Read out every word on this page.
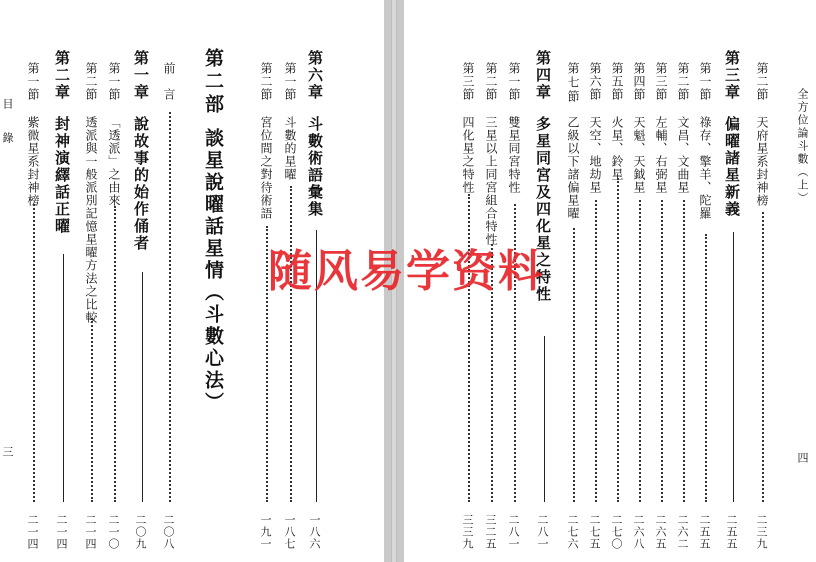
目
錄
三
第二部
談星說曜話星情（斗數心法）
第六章
斗數術語彙集
一八六
第一節
斗數的星曜
一八七
第二節
宮位間之對待術語
一九一
前　言
二〇八
第一章
說故事的始作俑者
二〇九
第一節
「透派」之由來
二一〇
第二節
透派與一般派別記憶星曜方法之比較
二一四
第二章
封神演繹話正曜
二一四
第一節
紫微星系封神榜
二一四
全方位論斗數（上）
四
第二節
天府星系封神榜
二三九
第三章
偏曜諸星新義
二五五
第一節
祿存、擎羊、陀羅
二五五
第二節
文昌、文曲星
二六二
第三節
左輔、右弼星
二六五
第四節
天魁、天鉞星
二六八
第五節
火星、鈴星
二七〇
第六節
天空、地劫星
二七五
第七節
乙級以下諸偏星曜
二七六
第四章
多星同宮及四化星之特性
二八一
第一節
雙星同宮特性
二八一
第二節
三星以上同宮組合特性
三二五
第三節
四化星之特性
三三九
随风易学资料
